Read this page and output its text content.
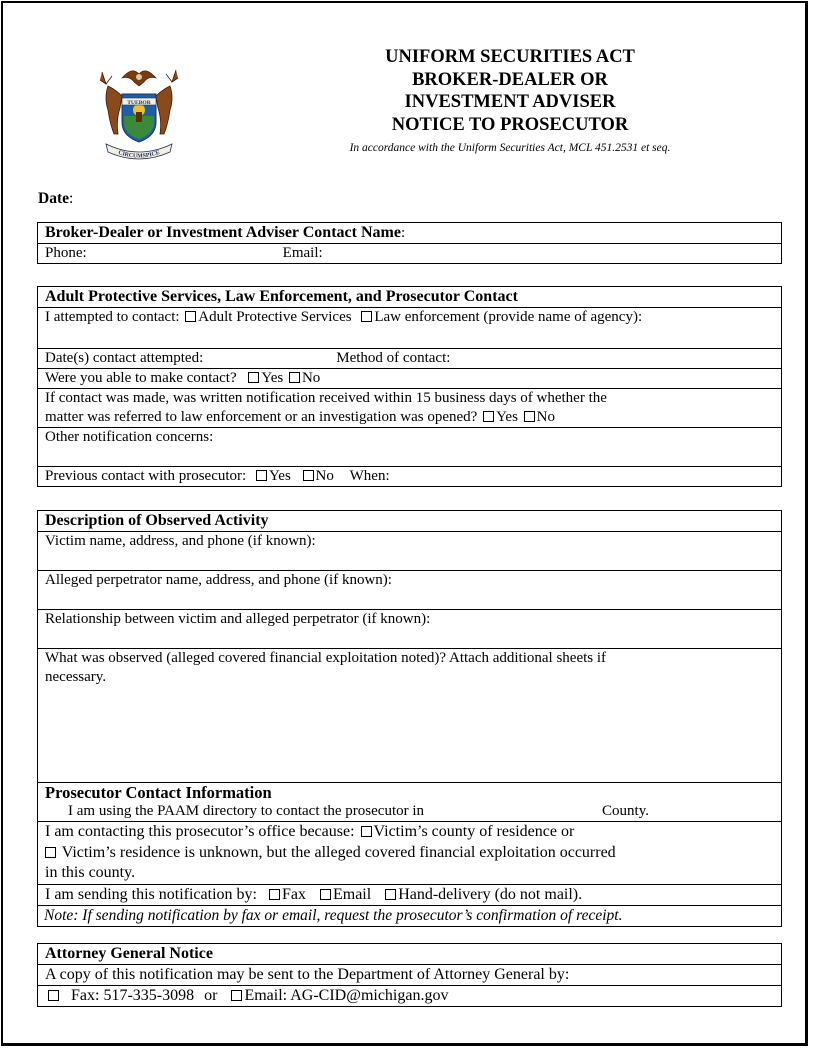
TUEBOR
CIRCUMSPICE
UNIFORM SECURITIES ACT
BROKER-DEALER OR
INVESTMENT ADVISER
NOTICE TO PROSECUTOR
In accordance with the Uniform Securities Act, MCL 451.2531 et seq.
Date:
Broker-Dealer or Investment Adviser Contact Name:
Phone:	Email:
Adult Protective Services, Law Enforcement, and Prosecutor Contact
I attempted to contact: Adult Protective Services Law enforcement (provide name of agency):
Date(s) contact attempted:	Method of contact:
Were you able to make contact? Yes No

If contact was made, was written notification received within 15 business days of whether the
matter was referred to law enforcement or an investigation was opened? Yes No

Other notification concerns:
Previous contact with prosecutor: Yes No When:
Description of Observed Activity
Victim name, address, and phone (if known):
Alleged perpetrator name, address, and phone (if known):
Relationship between victim and alleged perpetrator (if known):

What was observed (alleged covered financial exploitation noted)? Attach additional sheets if
necessary.

Prosecutor Contact Information
I am using the PAAM directory to contact the prosecutor in	County.

I am contacting this prosecutor’s office because: Victim’s county of residence or
Victim’s residence is unknown, but the alleged covered financial exploitation occurred
in this county.

I am sending this notification by: Fax Email Hand-delivery (do not mail).
Note: If sending notification by fax or email, request the prosecutor’s confirmation of receipt.
Attorney General Notice
A copy of this notification may be sent to the Department of Attorney General by:
Fax: 517-335-3098 or Email: AG-CID@michigan.gov
